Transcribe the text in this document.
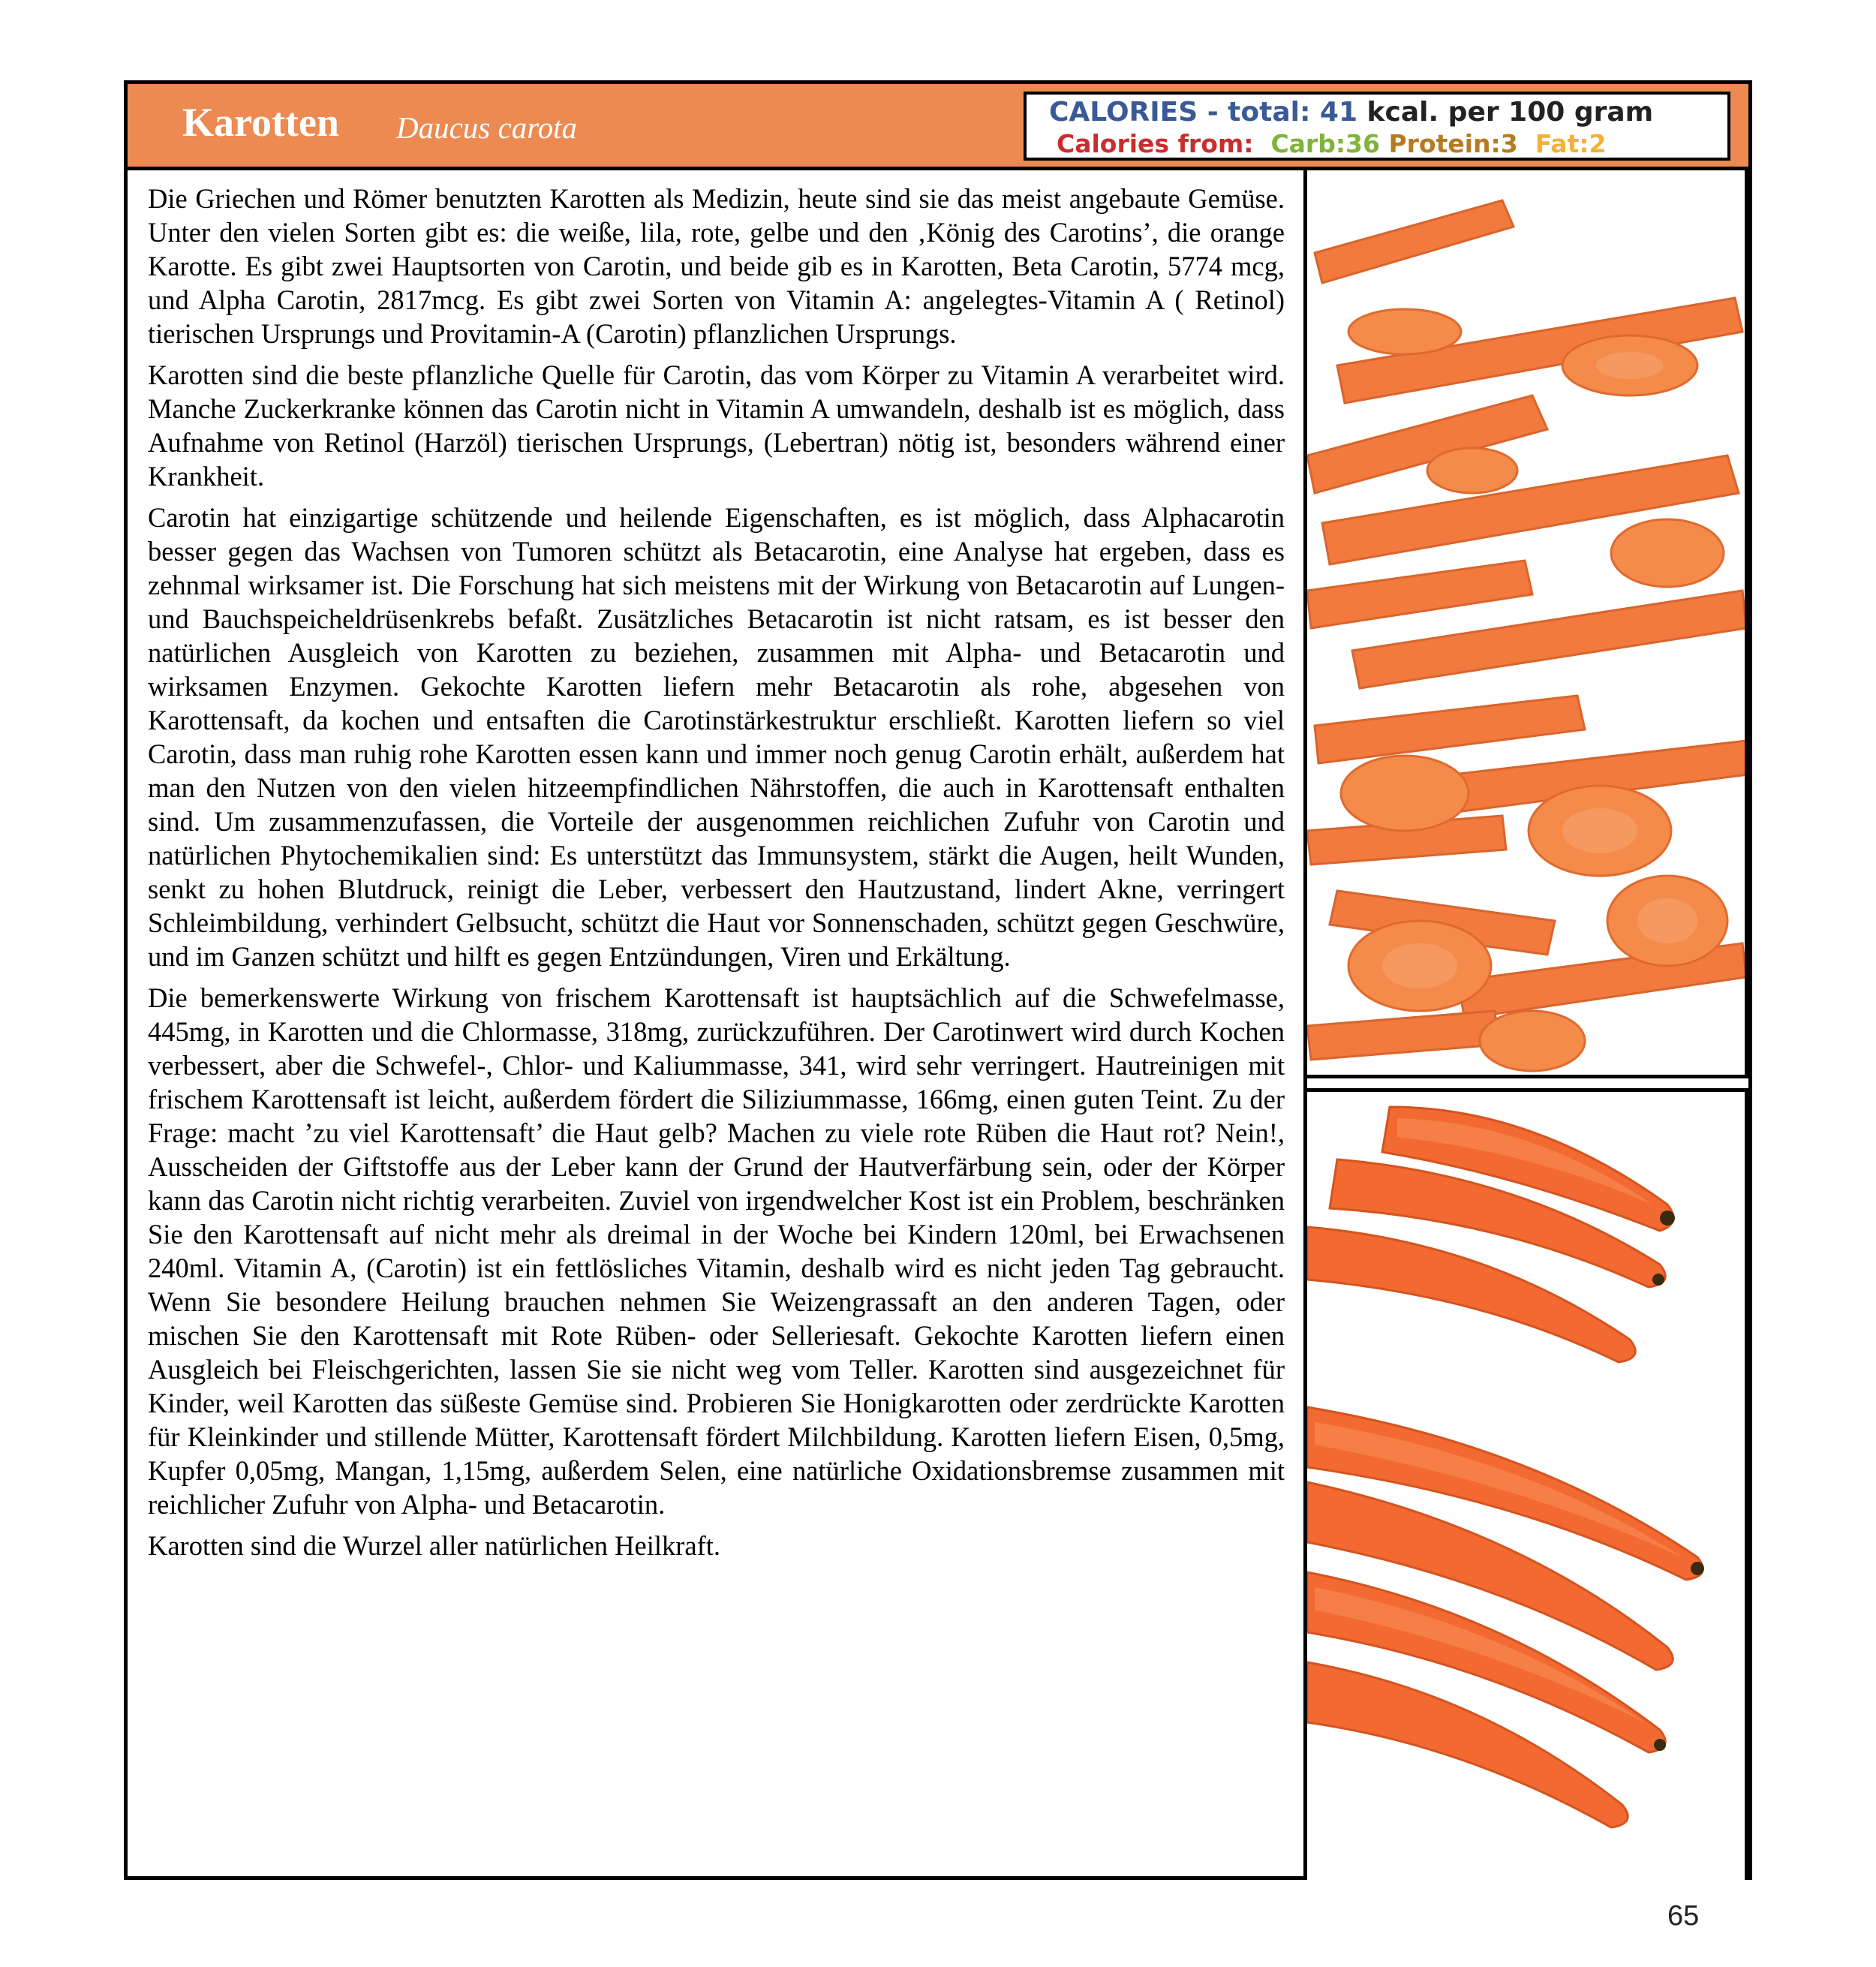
Karotten Daucus carota	CALORIES - total: 41 kcal. per 100 gram
Calories from: Carb:36 Protein:3 Fat:2

Die Griechen und Römer benutzten Karotten als Medizin, heute sind sie das meist angebaute Gemüse. Unter den vielen Sorten gibt es: die weiße, lila, rote, gelbe und den ‚König des Carotins’, die orange Karotte. Es gibt zwei Hauptsorten von Carotin, und beide gib es in Karotten, Beta Carotin, 5774 mcg, und Alpha Carotin, 2817mcg. Es gibt zwei Sorten von Vitamin A: angelegtes-Vitamin A ( Retinol) tierischen Ursprungs und Provitamin-A (Carotin) pflanzlichen Ursprungs.

Karotten sind die beste pflanzliche Quelle für Carotin, das vom Körper zu Vitamin A verarbeitet wird. Manche Zuckerkranke können das Carotin nicht in Vitamin A umwandeln, deshalb ist es möglich, dass Aufnahme von Retinol (Harzöl) tierischen Ursprungs, (Lebertran) nötig ist, besonders während einer Krankheit.

Carotin hat einzigartige schützende und heilende Eigenschaften, es ist möglich, dass Alphacarotin besser gegen das Wachsen von Tumoren schützt als Betacarotin, eine Analyse hat ergeben, dass es zehnmal wirksamer ist. Die Forschung hat sich meistens mit der Wirkung von Betacarotin auf Lungen- und Bauchspeicheldrüsenkrebs befaßt. Zusätzliches Betacarotin ist nicht ratsam, es ist besser den natürlichen Ausgleich von Karotten zu beziehen, zusammen mit Alpha- und Betacarotin und wirksamen Enzymen. Gekochte Karotten liefern mehr Betacarotin als rohe, abgesehen von Karottensaft, da kochen und entsaften die Carotinstärkestruktur erschließt. Karotten liefern so viel Carotin, dass man ruhig rohe Karotten essen kann und immer noch genug Carotin erhält, außerdem hat man den Nutzen von den vielen hitzeempfindlichen Nährstoffen, die auch in Karottensaft enthalten sind. Um zusammenzufassen, die Vorteile der ausgenommen reichlichen Zufuhr von Carotin und natürlichen Phytochemikalien sind: Es unterstützt das Immunsystem, stärkt die Augen, heilt Wunden, senkt zu hohen Blutdruck, reinigt die Leber, verbessert den Hautzustand, lindert Akne, verringert Schleimbildung, verhindert Gelbsucht, schützt die Haut vor Sonnenschaden, schützt gegen Geschwüre, und im Ganzen schützt und hilft es gegen Entzündungen, Viren und Erkältung.

Die bemerkenswerte Wirkung von frischem Karottensaft ist hauptsächlich auf die Schwefelmasse, 445mg, in Karotten und die Chlormasse, 318mg, zurückzuführen. Der Carotinwert wird durch Kochen verbessert, aber die Schwefel-, Chlor- und Kaliummasse, 341, wird sehr verringert. Hautreinigen mit frischem Karottensaft ist leicht, außerdem fördert die Siliziummasse, 166mg, einen guten Teint. Zu der Frage: macht ’zu viel Karottensaft’ die Haut gelb? Machen zu viele rote Rüben die Haut rot? Nein!, Ausscheiden der Giftstoffe aus der Leber kann der Grund der Hautverfärbung sein, oder der Körper kann das Carotin nicht richtig verarbeiten. Zuviel von irgendwelcher Kost ist ein Problem, beschränken Sie den Karottensaft auf nicht mehr als dreimal in der Woche bei Kindern 120ml, bei Erwachsenen 240ml. Vitamin A, (Carotin) ist ein fettlösliches Vitamin, deshalb wird es nicht jeden Tag gebraucht. Wenn Sie besondere Heilung brauchen nehmen Sie Weizengrassaft an den anderen Tagen, oder mischen Sie den Karottensaft mit Rote Rüben- oder Selleriesaft. Gekochte Karotten liefern einen Ausgleich bei Fleischgerichten, lassen Sie sie nicht weg vom Teller. Karotten sind ausgezeichnet für Kinder, weil Karotten das süßeste Gemüse sind. Probieren Sie Honigkarotten oder zerdrückte Karotten für Kleinkinder und stillende Mütter, Karottensaft fördert Milchbildung. Karotten liefern Eisen, 0,5mg, Kupfer 0,05mg, Mangan, 1,15mg, außerdem Selen, eine natürliche Oxidationsbremse zusammen mit reichlicher Zufuhr von Alpha- und Betacarotin.

Karotten sind die Wurzel aller natürlichen Heilkraft.

65
